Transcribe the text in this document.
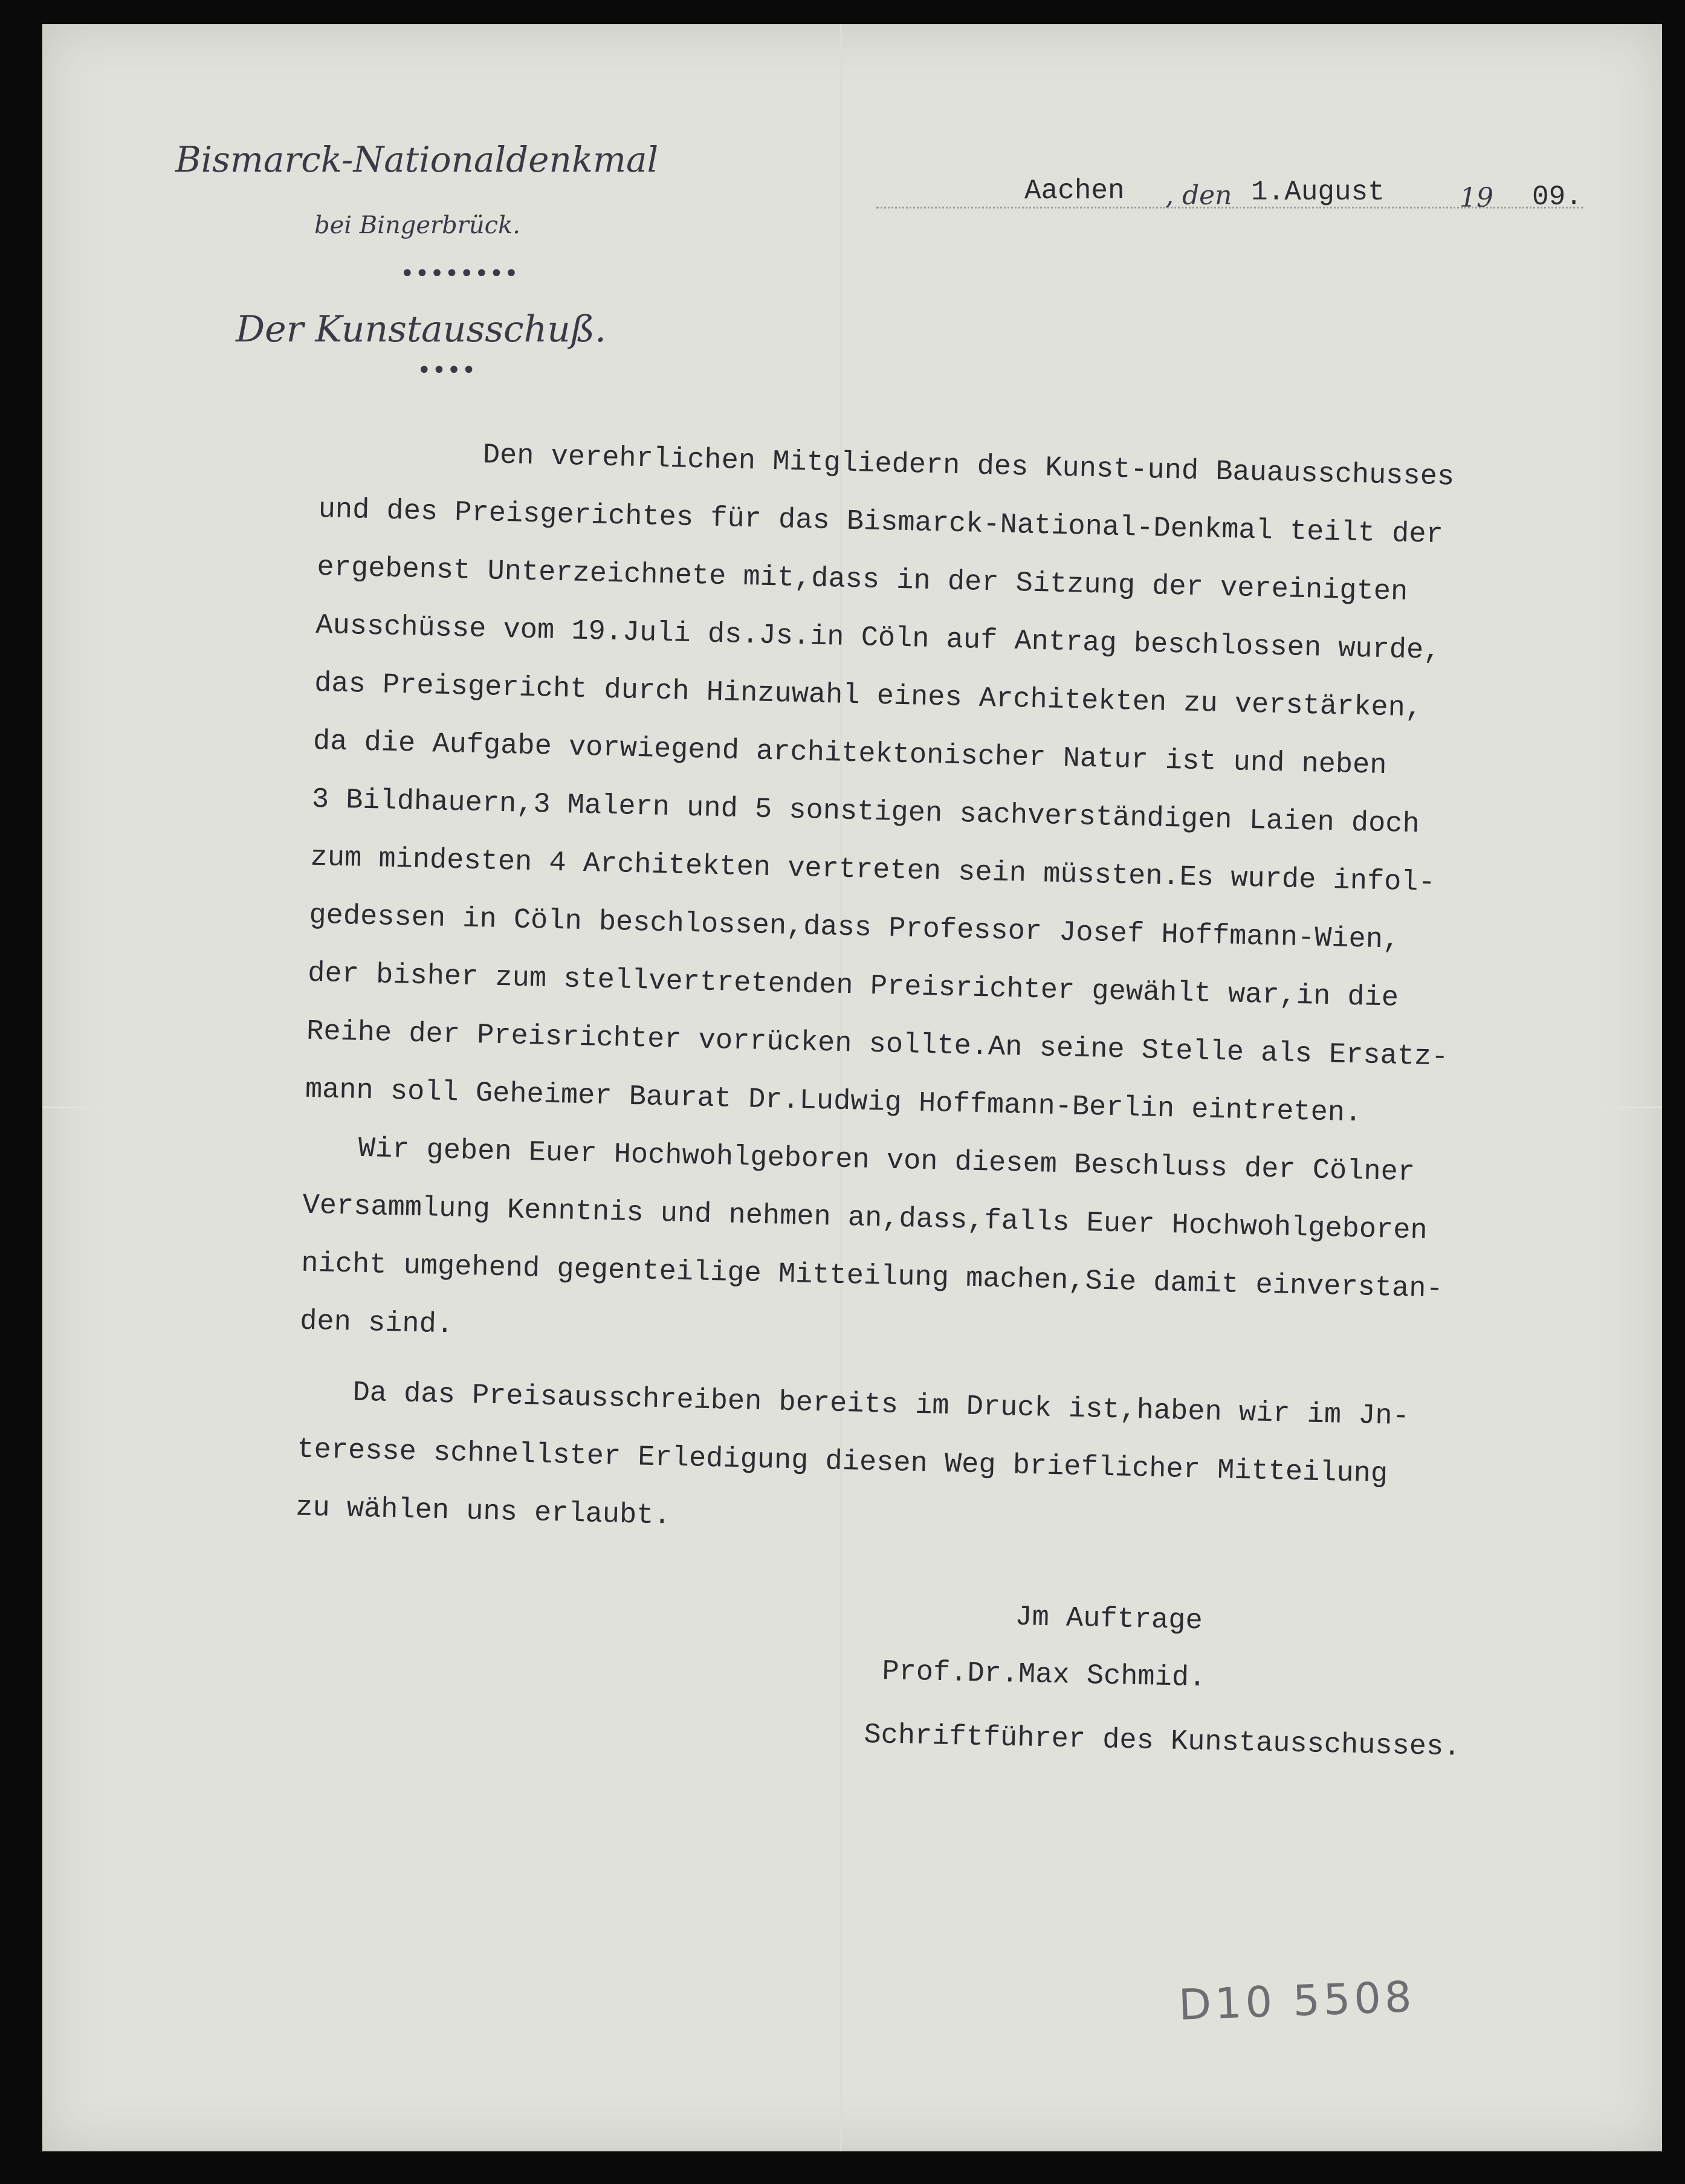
Bismarck-Nationaldenkmal
bei Bingerbrück.
••••••••
Der Kunstausschuß.
••••
Aachen , den 1.August	19 09.

Den verehrlichen Mitgliedern des Kunst-und Bauausschusses

und des Preisgerichtes für das Bismarck-National-Denkmal teilt der

ergebenst Unterzeichnete mit,dass in der Sitzung der vereinigten

Ausschüsse vom 19.Juli ds.Js.in Cöln auf Antrag beschlossen wurde,

das Preisgericht durch Hinzuwahl eines Architekten zu verstärken,

da die Aufgabe vorwiegend architektonischer Natur ist und neben

3 Bildhauern,3 Malern und 5 sonstigen sachverständigen Laien doch

zum mindesten 4 Architekten vertreten sein müssten.Es wurde infol-

gedessen in Cöln beschlossen,dass Professor Josef Hoffmann-Wien,

der bisher zum stellvertretenden Preisrichter gewählt war,in die

Reihe der Preisrichter vorrücken sollte.An seine Stelle als Ersatz-

mann soll Geheimer Baurat Dr.Ludwig Hoffmann-Berlin eintreten.

Wir geben Euer Hochwohlgeboren von diesem Beschluss der Cölner

Versammlung Kenntnis und nehmen an,dass,falls Euer Hochwohlgeboren

nicht umgehend gegenteilige Mitteilung machen,Sie damit einverstan-

den sind.

Da das Preisausschreiben bereits im Druck ist,haben wir im Jn-

teresse schnellster Erledigung diesen Weg brieflicher Mitteilung

zu wählen uns erlaubt.

Jm Auftrage
Prof.Dr.Max Schmid.
Schriftführer des Kunstausschusses.
D10 5508
